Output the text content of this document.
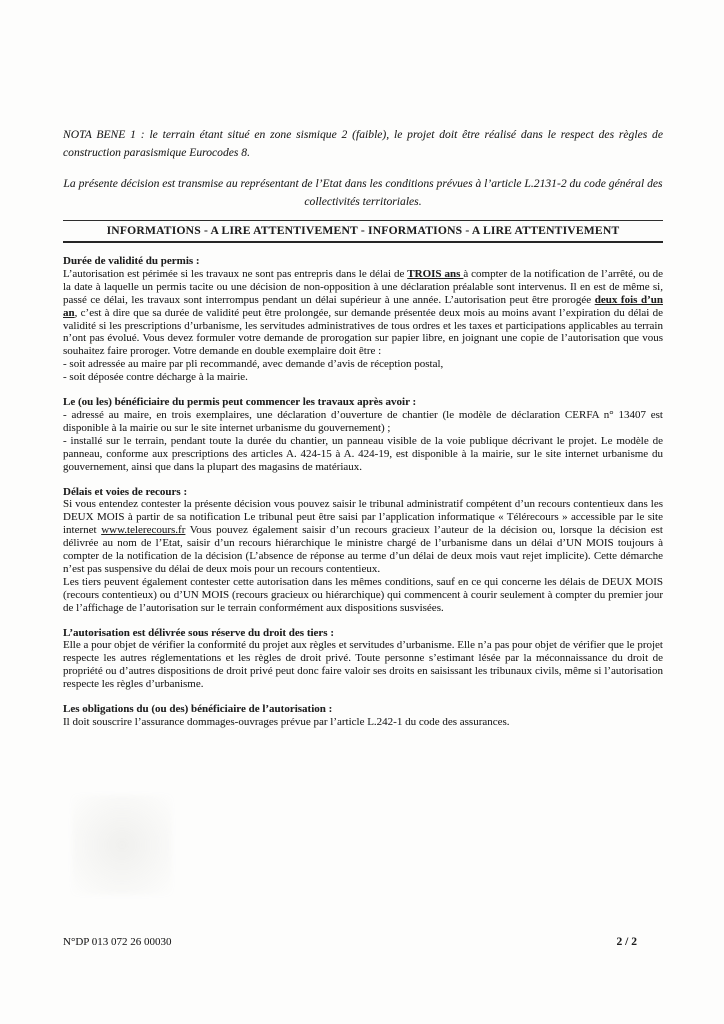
NOTA BENE 1 : le terrain étant situé en zone sismique 2 (faible), le projet doit être réalisé dans le respect des règles de construction parasismique Eurocodes 8.
La présente décision est transmise au représentant de l’Etat dans les conditions prévues à l’article L.2131-2 du code général des collectivités territoriales.
INFORMATIONS - A LIRE ATTENTIVEMENT - INFORMATIONS - A LIRE ATTENTIVEMENT
Durée de validité du permis :

L’autorisation est périmée si les travaux ne sont pas entrepris dans le délai de TROIS ans à compter de la notification de l’arrêté, ou de la date à laquelle un permis tacite ou une décision de non-opposition à une déclaration préalable sont intervenus. Il en est de même si, passé ce délai, les travaux sont interrompus pendant un délai supérieur à une année. L’autorisation peut être prorogée deux fois d’un an, c’est à dire que sa durée de validité peut être prolongée, sur demande présentée deux mois au moins avant l’expiration du délai de validité si les prescriptions d’urbanisme, les servitudes administratives de tous ordres et les taxes et participations applicables au terrain n’ont pas évolué. Vous devez formuler votre demande de prorogation sur papier libre, en joignant une copie de l’autorisation que vous souhaitez faire proroger. Votre demande en double exemplaire doit être :

- soit adressée au maire par pli recommandé, avec demande d’avis de réception postal,

- soit déposée contre décharge à la mairie.

Le (ou les) bénéficiaire du permis peut commencer les travaux après avoir :

- adressé au maire, en trois exemplaires, une déclaration d’ouverture de chantier (le modèle de déclaration CERFA n° 13407 est disponible à la mairie ou sur le site internet urbanisme du gouvernement) ;

- installé sur le terrain, pendant toute la durée du chantier, un panneau visible de la voie publique décrivant le projet. Le modèle de panneau, conforme aux prescriptions des articles A. 424-15 à A. 424-19, est disponible à la mairie, sur le site internet urbanisme du gouvernement, ainsi que dans la plupart des magasins de matériaux.

Délais et voies de recours :

Si vous entendez contester la présente décision vous pouvez saisir le tribunal administratif compétent d’un recours contentieux dans les DEUX MOIS à partir de sa notification Le tribunal peut être saisi par l’application informatique « Télérecours » accessible par le site internet www.telerecours.fr Vous pouvez également saisir d’un recours gracieux l’auteur de la décision ou, lorsque la décision est délivrée au nom de l’Etat, saisir d’un recours hiérarchique le ministre chargé de l’urbanisme dans un délai d’UN MOIS toujours à compter de la notification de la décision (L’absence de réponse au terme d’un délai de deux mois vaut rejet implicite). Cette démarche n’est pas suspensive du délai de deux mois pour un recours contentieux.

Les tiers peuvent également contester cette autorisation dans les mêmes conditions, sauf en ce qui concerne les délais de DEUX MOIS (recours contentieux) ou d’UN MOIS (recours gracieux ou hiérarchique) qui commencent à courir seulement à compter du premier jour de l’affichage de l’autorisation sur le terrain conformément aux dispositions susvisées.

L’autorisation est délivrée sous réserve du droit des tiers :

Elle a pour objet de vérifier la conformité du projet aux règles et servitudes d’urbanisme. Elle n’a pas pour objet de vérifier que le projet respecte les autres réglementations et les règles de droit privé. Toute personne s’estimant lésée par la méconnaissance du droit de propriété ou d’autres dispositions de droit privé peut donc faire valoir ses droits en saisissant les tribunaux civils, même si l’autorisation respecte les règles d’urbanisme.

Les obligations du (ou des) bénéficiaire de l’autorisation :

Il doit souscrire l’assurance dommages-ouvrages prévue par l’article L.242-1 du code des assurances.

N°DP 013 072 26 00030	2 / 2
